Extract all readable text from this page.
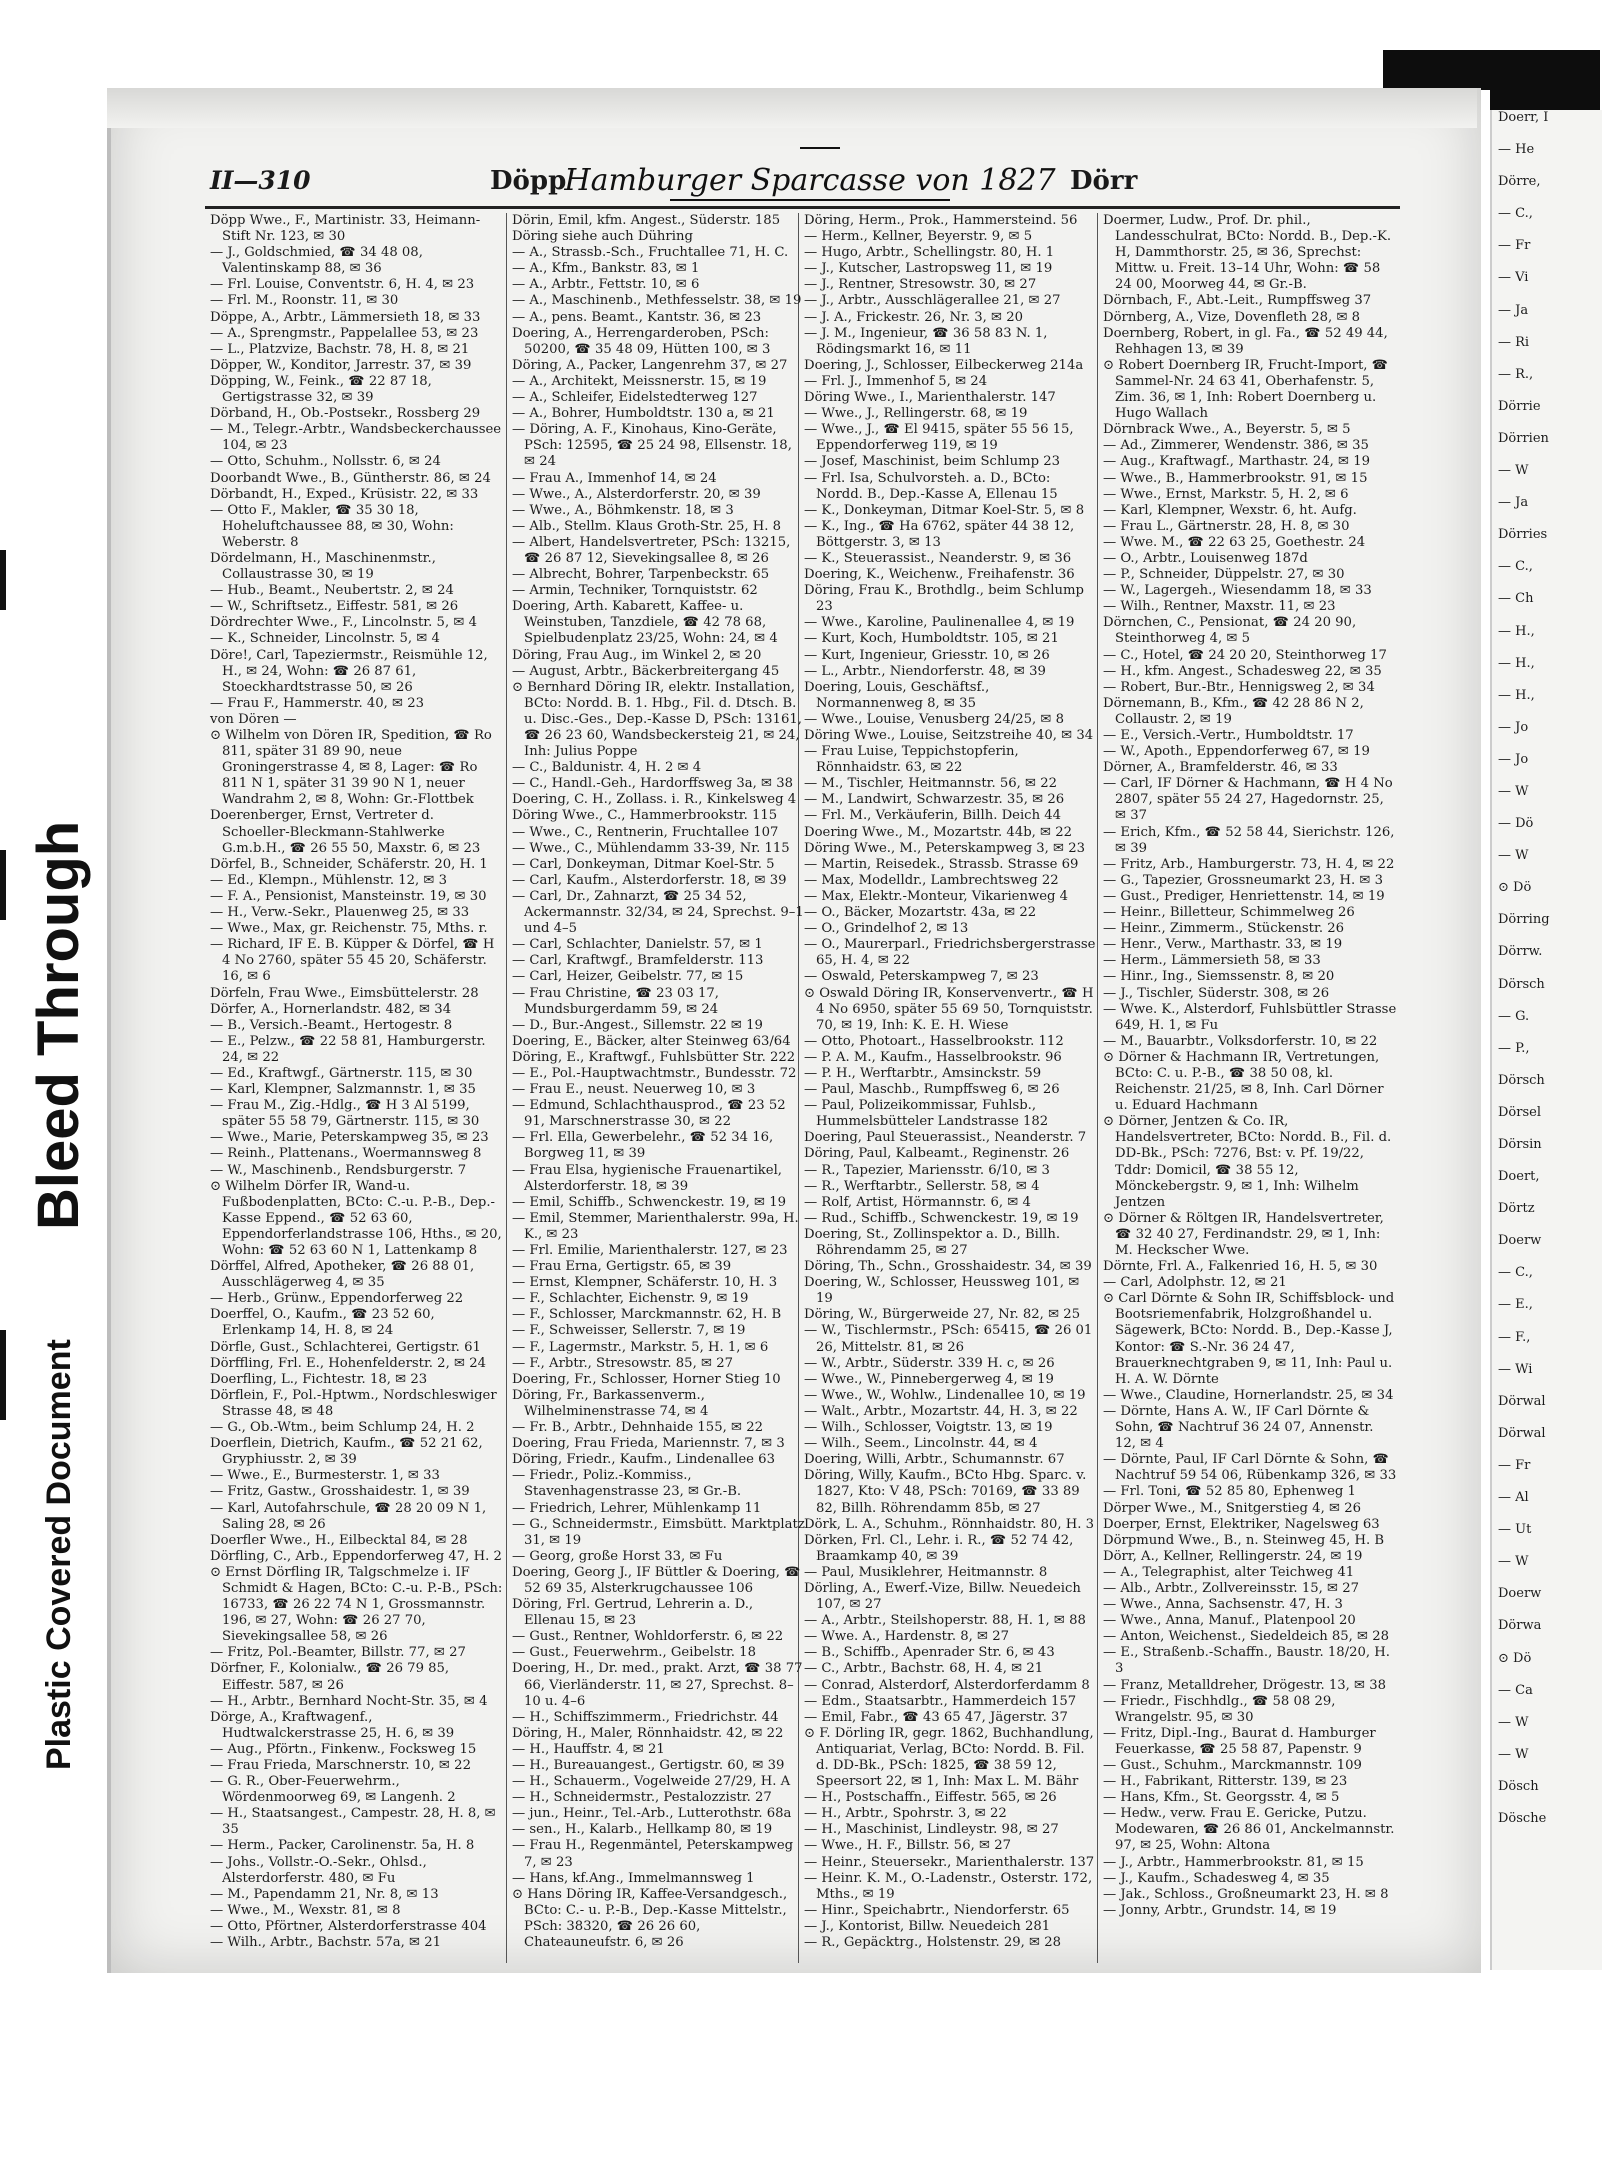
Bleed Through
Plastic Covered Document
II—310	Döpp
Hamburger Sparcasse von 1827 Dörr

Döpp Wwe., F., Martinistr. 33, Heimann-Stift Nr. 123, ✉ 30

— J., Goldschmied, ☎ 34 48 08, Valentinskamp 88, ✉ 36

— Frl. Louise, Conventstr. 6, H. 4, ✉ 23

— Frl. M., Roonstr. 11, ✉ 30

Döppe, A., Arbtr., Lämmersieth 18, ✉ 33

— A., Sprengmstr., Pappelallee 53, ✉ 23

— L., Platzvize, Bachstr. 78, H. 8, ✉ 21

Döpper, W., Konditor, Jarrestr. 37, ✉ 39

Döpping, W., Feink., ☎ 22 87 18, Gertigstrasse 32, ✉ 39

Dörband, H., Ob.-Postsekr., Rossberg 29

— M., Telegr.-Arbtr., Wandsbeckerchaussee 104, ✉ 23

— Otto, Schuhm., Nollsstr. 6, ✉ 24

Doorbandt Wwe., B., Güntherstr. 86, ✉ 24

Dörbandt, H., Exped., Krüsistr. 22, ✉ 33

— Otto F., Makler, ☎ 35 30 18, Hoheluftchaussee 88, ✉ 30, Wohn: Weberstr. 8

Dördelmann, H., Maschinenmstr., Collaustrasse 30, ✉ 19

— Hub., Beamt., Neubertstr. 2, ✉ 24

— W., Schriftsetz., Eiffestr. 581, ✉ 26

Dördrechter Wwe., F., Lincolnstr. 5, ✉ 4

— K., Schneider, Lincolnstr. 5, ✉ 4

Döre!, Carl, Tapeziermstr., Reismühle 12, H., ✉ 24, Wohn: ☎ 26 87 61, Stoeckhardtstrasse 50, ✉ 26

— Frau F., Hammerstr. 40, ✉ 23

von Dören —

⊙ Wilhelm von Dören IR, Spedition, ☎ Ro 811, später 31 89 90, neue Groningerstrasse 4, ✉ 8, Lager: ☎ Ro 811 N 1, später 31 39 90 N 1, neuer Wandrahm 2, ✉ 8, Wohn: Gr.-Flottbek

Doerenberger, Ernst, Vertreter d. Schoeller-Bleckmann-Stahlwerke G.m.b.H., ☎ 26 55 50, Maxstr. 6, ✉ 23

Dörfel, B., Schneider, Schäferstr. 20, H. 1

— Ed., Klempn., Mühlenstr. 12, ✉ 3

— F. A., Pensionist, Mansteinstr. 19, ✉ 30

— H., Verw.-Sekr., Plauenweg 25, ✉ 33

— Wwe., Max, gr. Reichenstr. 75, Mths. r.

— Richard, IF E. B. Küpper & Dörfel, ☎ H 4 No 2760, später 55 45 20, Schäferstr. 16, ✉ 6

Dörfeln, Frau Wwe., Eimsbüttelerstr. 28

Dörfer, A., Hornerlandstr. 482, ✉ 34

— B., Versich.-Beamt., Hertogestr. 8

— E., Pelzw., ☎ 22 58 81, Hamburgerstr. 24, ✉ 22

— Ed., Kraftwgf., Gärtnerstr. 115, ✉ 30

— Karl, Klempner, Salzmannstr. 1, ✉ 35

— Frau M., Zig.-Hdlg., ☎ H 3 Al 5199, später 55 58 79, Gärtnerstr. 115, ✉ 30

— Wwe., Marie, Peterskampweg 35, ✉ 23

— Reinh., Plattenans., Woermannsweg 8

— W., Maschinenb., Rendsburgerstr. 7

⊙ Wilhelm Dörfer IR, Wand-u. Fußbodenplatten, BCto: C.-u. P.-B., Dep.-Kasse Eppend., ☎ 52 63 60, Eppendorferlandstrasse 106, Hths., ✉ 20, Wohn: ☎ 52 63 60 N 1, Lattenkamp 8

Dörffel, Alfred, Apotheker, ☎ 26 88 01, Ausschlägerweg 4, ✉ 35

— Herb., Grünw., Eppendorferweg 22

Doerffel, O., Kaufm., ☎ 23 52 60, Erlenkamp 14, H. 8, ✉ 24

Dörfle, Gust., Schlachterei, Gertigstr. 61

Dörffling, Frl. E., Hohenfelderstr. 2, ✉ 24

Doerfling, L., Fichtestr. 18, ✉ 23

Dörflein, F., Pol.-Hptwm., Nordschleswiger Strasse 48, ✉ 48

— G., Ob.-Wtm., beim Schlump 24, H. 2

Doerflein, Dietrich, Kaufm., ☎ 52 21 62, Gryphiusstr. 2, ✉ 39

— Wwe., E., Burmesterstr. 1, ✉ 33

— Fritz, Gastw., Grosshaidestr. 1, ✉ 39

— Karl, Autofahrschule, ☎ 28 20 09 N 1, Saling 28, ✉ 26

Doerfler Wwe., H., Eilbecktal 84, ✉ 28

Dörfling, C., Arb., Eppendorferweg 47, H. 2

⊙ Ernst Dörfling IR, Talgschmelze i. IF Schmidt & Hagen, BCto: C.-u. P.-B., PSch: 16733, ☎ 26 22 74 N 1, Grossmannstr. 196, ✉ 27, Wohn: ☎ 26 27 70, Sievekingsallee 58, ✉ 26

— Fritz, Pol.-Beamter, Billstr. 77, ✉ 27

Dörfner, F., Kolonialw., ☎ 26 79 85, Eiffestr. 587, ✉ 26

— H., Arbtr., Bernhard Nocht-Str. 35, ✉ 4

Dörge, A., Kraftwagenf., Hudtwalckerstrasse 25, H. 6, ✉ 39

— Aug., Pförtn., Finkenw., Focksweg 15

— Frau Frieda, Marschnerstr. 10, ✉ 22

— G. R., Ober-Feuerwehrm., Wördenmoorweg 69, ✉ Langenh. 2

— H., Staatsangest., Campestr. 28, H. 8, ✉ 35

— Herm., Packer, Carolinenstr. 5a, H. 8

— Johs., Vollstr.-O.-Sekr., Ohlsd., Alsterdorferstr. 480, ✉ Fu

— M., Papendamm 21, Nr. 8, ✉ 13

— Wwe., M., Wexstr. 81, ✉ 8

— Otto, Pförtner, Alsterdorferstrasse 404

— Wilh., Arbtr., Bachstr. 57a, ✉ 21

Dörin, Emil, kfm. Angest., Süderstr. 185

Döring siehe auch Dühring

— A., Strassb.-Sch., Fruchtallee 71, H. C.

— A., Kfm., Bankstr. 83, ✉ 1

— A., Arbtr., Fettstr. 10, ✉ 6

— A., Maschinenb., Methfesselstr. 38, ✉ 19

— A., pens. Beamt., Kantstr. 36, ✉ 23

Doering, A., Herrengarderoben, PSch: 50200, ☎ 35 48 09, Hütten 100, ✉ 3

Döring, A., Packer, Langenrehm 37, ✉ 27

— A., Architekt, Meissnerstr. 15, ✉ 19

— A., Schleifer, Eidelstedterweg 127

— A., Bohrer, Humboldtstr. 130 a, ✉ 21

— Döring, A. F., Kinohaus, Kino-Geräte, PSch: 12595, ☎ 25 24 98, Ellsenstr. 18, ✉ 24

— Frau A., Immenhof 14, ✉ 24

— Wwe., A., Alsterdorferstr. 20, ✉ 39

— Wwe., A., Böhmkenstr. 18, ✉ 3

— Alb., Stellm. Klaus Groth-Str. 25, H. 8

— Albert, Handelsvertreter, PSch: 13215, ☎ 26 87 12, Sievekingsallee 8, ✉ 26

— Albrecht, Bohrer, Tarpenbeckstr. 65

— Armin, Techniker, Tornquiststr. 62

Doering, Arth. Kabarett, Kaffee- u. Weinstuben, Tanzdiele, ☎ 42 78 68, Spielbudenplatz 23/25, Wohn: 24, ✉ 4

Döring, Frau Aug., im Winkel 2, ✉ 20

— August, Arbtr., Bäckerbreitergang 45

⊙ Bernhard Döring IR, elektr. Installation, BCto: Nordd. B. 1. Hbg., Fil. d. Dtsch. B. u. Disc.-Ges., Dep.-Kasse D, PSch: 13161, ☎ 26 23 60, Wandsbeckersteig 21, ✉ 24, Inh: Julius Poppe

— C., Baldunistr. 4, H. 2 ✉ 4

— C., Handl.-Geh., Hardorffsweg 3a, ✉ 38

Doering, C. H., Zollass. i. R., Kinkelsweg 4

Döring Wwe., C., Hammerbrookstr. 115

— Wwe., C., Rentnerin, Fruchtallee 107

— Wwe., C., Mühlendamm 33-39, Nr. 115

— Carl, Donkeyman, Ditmar Koel-Str. 5

— Carl, Kaufm., Alsterdorferstr. 18, ✉ 39

— Carl, Dr., Zahnarzt, ☎ 25 34 52, Ackermannstr. 32/34, ✉ 24, Sprechst. 9–1 und 4–5

— Carl, Schlachter, Danielstr. 57, ✉ 1

— Carl, Kraftwgf., Bramfelderstr. 113

— Carl, Heizer, Geibelstr. 77, ✉ 15

— Frau Christine, ☎ 23 03 17, Mundsburgerdamm 59, ✉ 24

— D., Bur.-Angest., Sillemstr. 22 ✉ 19

Doering, E., Bäcker, alter Steinweg 63/64

Döring, E., Kraftwgf., Fuhlsbütter Str. 222

— E., Pol.-Hauptwachtmstr., Bundesstr. 72

— Frau E., neust. Neuerweg 10, ✉ 3

— Edmund, Schlachthausprod., ☎ 23 52 91, Marschnerstrasse 30, ✉ 22

— Frl. Ella, Gewerbelehr., ☎ 52 34 16, Borgweg 11, ✉ 39

— Frau Elsa, hygienische Frauenartikel, Alsterdorferstr. 18, ✉ 39

— Emil, Schiffb., Schwenckestr. 19, ✉ 19

— Emil, Stemmer, Marienthalerstr. 99a, H. K., ✉ 23

— Frl. Emilie, Marienthalerstr. 127, ✉ 23

— Frau Erna, Gertigstr. 65, ✉ 39

— Ernst, Klempner, Schäferstr. 10, H. 3

— F., Schlachter, Eichenstr. 9, ✉ 19

— F., Schlosser, Marckmannstr. 62, H. B

— F., Schweisser, Sellerstr. 7, ✉ 19

— F., Lagermstr., Markstr. 5, H. 1, ✉ 6

— F., Arbtr., Stresowstr. 85, ✉ 27

Doering, Fr., Schlosser, Horner Stieg 10

Döring, Fr., Barkassenverm., Wilhelminenstrasse 74, ✉ 4

— Fr. B., Arbtr., Dehnhaide 155, ✉ 22

Doering, Frau Frieda, Mariennstr. 7, ✉ 3

Döring, Friedr., Kaufm., Lindenallee 63

— Friedr., Poliz.-Kommiss., Stavenhagenstrasse 23, ✉ Gr.-B.

— Friedrich, Lehrer, Mühlenkamp 11

— G., Schneidermstr., Eimsbütt. Marktplatz 31, ✉ 19

— Georg, große Horst 33, ✉ Fu

Doering, Georg J., IF Büttler & Doering, ☎ 52 69 35, Alsterkrugchaussee 106

Döring, Frl. Gertrud, Lehrerin a. D., Ellenau 15, ✉ 23

— Gust., Rentner, Wohldorferstr. 6, ✉ 22

— Gust., Feuerwehrm., Geibelstr. 18

Doering, H., Dr. med., prakt. Arzt, ☎ 38 77 66, Vierländerstr. 11, ✉ 27, Sprechst. 8–10 u. 4–6

— H., Schiffszimmerm., Friedrichstr. 44

Döring, H., Maler, Rönnhaidstr. 42, ✉ 22

— H., Hauffstr. 4, ✉ 21

— H., Bureauangest., Gertigstr. 60, ✉ 39

— H., Schauerm., Vogelweide 27/29, H. A

— H., Schneidermstr., Pestalozzistr. 27

— jun., Heinr., Tel.-Arb., Lutterothstr. 68a

— sen., H., Kalarb., Hellkamp 80, ✉ 19

— Frau H., Regenmäntel, Peterskampweg 7, ✉ 23

— Hans, kf.Ang., Immelmannsweg 1

⊙ Hans Döring IR, Kaffee-Versandgesch., BCto: C.- u. P.-B., Dep.-Kasse Mittelstr., PSch: 38320, ☎ 26 26 60, Chateauneufstr. 6, ✉ 26

Döring, Herm., Prok., Hammersteind. 56

— Herm., Kellner, Beyerstr. 9, ✉ 5

— Hugo, Arbtr., Schellingstr. 80, H. 1

— J., Kutscher, Lastropsweg 11, ✉ 19

— J., Rentner, Stresowstr. 30, ✉ 27

— J., Arbtr., Ausschlägerallee 21, ✉ 27

— J. A., Frickestr. 26, Nr. 3, ✉ 20

— J. M., Ingenieur, ☎ 36 58 83 N. 1, Rödingsmarkt 16, ✉ 11

Doering, J., Schlosser, Eilbeckerweg 214a

— Frl. J., Immenhof 5, ✉ 24

Döring Wwe., I., Marienthalerstr. 147

— Wwe., J., Rellingerstr. 68, ✉ 19

— Wwe., J., ☎ El 9415, später 55 56 15, Eppendorferweg 119, ✉ 19

— Josef, Maschinist, beim Schlump 23

— Frl. Isa, Schulvorsteh. a. D., BCto: Nordd. B., Dep.-Kasse A, Ellenau 15

— K., Donkeyman, Ditmar Koel-Str. 5, ✉ 8

— K., Ing., ☎ Ha 6762, später 44 38 12, Böttgerstr. 3, ✉ 13

— K., Steuerassist., Neanderstr. 9, ✉ 36

Doering, K., Weichenw., Freihafenstr. 36

Döring, Frau K., Brothdlg., beim Schlump 23

— Wwe., Karoline, Paulinenallee 4, ✉ 19

— Kurt, Koch, Humboldtstr. 105, ✉ 21

— Kurt, Ingenieur, Griesstr. 10, ✉ 26

— L., Arbtr., Niendorferstr. 48, ✉ 39

Doering, Louis, Geschäftsf., Normannenweg 8, ✉ 35

— Wwe., Louise, Venusberg 24/25, ✉ 8

Döring Wwe., Louise, Seitzstreihe 40, ✉ 34

— Frau Luise, Teppichstopferin, Rönnhaidstr. 63, ✉ 22

— M., Tischler, Heitmannstr. 56, ✉ 22

— M., Landwirt, Schwarzestr. 35, ✉ 26

— Frl. M., Verkäuferin, Billh. Deich 44

Doering Wwe., M., Mozartstr. 44b, ✉ 22

Döring Wwe., M., Peterskampweg 3, ✉ 23

— Martin, Reisedek., Strassb. Strasse 69

— Max, Modelldr., Lambrechtsweg 22

— Max, Elektr.-Monteur, Vikarienweg 4

— O., Bäcker, Mozartstr. 43a, ✉ 22

— O., Grindelhof 2, ✉ 13

— O., Maurerparl., Friedrichsbergerstrasse 65, H. 4, ✉ 22

— Oswald, Peterskampweg 7, ✉ 23

⊙ Oswald Döring IR, Konservenvertr., ☎ H 4 No 6950, später 55 69 50, Tornquiststr. 70, ✉ 19, Inh: K. E. H. Wiese

— Otto, Photoart., Hasselbrookstr. 112

— P. A. M., Kaufm., Hasselbrookstr. 96

— P. H., Werftarbtr., Amsinckstr. 59

— Paul, Maschb., Rumpffsweg 6, ✉ 26

— Paul, Polizeikommissar, Fuhlsb., Hummelsbütteler Landstrasse 182

Doering, Paul Steuerassist., Neanderstr. 7

Döring, Paul, Kalbeamt., Reginenstr. 26

— R., Tapezier, Mariensstr. 6/10, ✉ 3

— R., Werftarbtr., Sellerstr. 58, ✉ 4

— Rolf, Artist, Hörmannstr. 6, ✉ 4

— Rud., Schiffb., Schwenckestr. 19, ✉ 19

Doering, St., Zollinspektor a. D., Billh. Röhrendamm 25, ✉ 27

Döring, Th., Schn., Grosshaidestr. 34, ✉ 39

Doering, W., Schlosser, Heussweg 101, ✉ 19

Döring, W., Bürgerweide 27, Nr. 82, ✉ 25

— W., Tischlermstr., PSch: 65415, ☎ 26 01 26, Mittelstr. 81, ✉ 26

— W., Arbtr., Süderstr. 339 H. c, ✉ 26

— Wwe., W., Pinnebergerweg 4, ✉ 19

— Wwe., W., Wohlw., Lindenallee 10, ✉ 19

— Walt., Arbtr., Mozartstr. 44, H. 3, ✉ 22

— Wilh., Schlosser, Voigtstr. 13, ✉ 19

— Wilh., Seem., Lincolnstr. 44, ✉ 4

Doering, Willi, Arbtr., Schumannstr. 67

Döring, Willy, Kaufm., BCto Hbg. Sparc. v. 1827, Kto: V 48, PSch: 70169, ☎ 33 89 82, Billh. Röhrendamm 85b, ✉ 27

Dörk, L. A., Schuhm., Rönnhaidstr. 80, H. 3

Dörken, Frl. Cl., Lehr. i. R., ☎ 52 74 42, Braamkamp 40, ✉ 39

— Paul, Musiklehrer, Heitmannstr. 8

Dörling, A., Ewerf.-Vize, Billw. Neuedeich 107, ✉ 27

— A., Arbtr., Steilshoperstr. 88, H. 1, ✉ 88

— Wwe. A., Hardenstr. 8, ✉ 27

— B., Schiffb., Apenrader Str. 6, ✉ 43

— C., Arbtr., Bachstr. 68, H. 4, ✉ 21

— Conrad, Alsterdorf, Alsterdorferdamm 8

— Edm., Staatsarbtr., Hammerdeich 157

— Emil, Fabr., ☎ 43 65 47, Jägerstr. 37

⊙ F. Dörling IR, gegr. 1862, Buchhandlung, Antiquariat, Verlag, BCto: Nordd. B. Fil. d. DD-Bk., PSch: 1825, ☎ 38 59 12, Speersort 22, ✉ 1, Inh: Max L. M. Bähr

— H., Postschaffn., Eiffestr. 565, ✉ 26

— H., Arbtr., Spohrstr. 3, ✉ 22

— H., Maschinist, Lindleystr. 98, ✉ 27

— Wwe., H. F., Billstr. 56, ✉ 27

— Heinr., Steuersekr., Marienthalerstr. 137

— Heinr. K. M., O.-Ladenstr., Osterstr. 172, Mths., ✉ 19

— Hinr., Speichabrtr., Niendorferstr. 65

— J., Kontorist, Billw. Neuedeich 281

— R., Gepäcktrg., Holstenstr. 29, ✉ 28

Doermer, Ludw., Prof. Dr. phil., Landesschulrat, BCto: Nordd. B., Dep.-K. H, Dammthorstr. 25, ✉ 36, Sprechst: Mittw. u. Freit. 13–14 Uhr, Wohn: ☎ 58 24 00, Moorweg 44, ✉ Gr.-B.

Dörnbach, F., Abt.-Leit., Rumpffsweg 37

Dörnberg, A., Vize, Dovenfleth 28, ✉ 8

Doernberg, Robert, in gl. Fa., ☎ 52 49 44, Rehhagen 13, ✉ 39

⊙ Robert Doernberg IR, Frucht-Import, ☎ Sammel-Nr. 24 63 41, Oberhafenstr. 5, Zim. 36, ✉ 1, Inh: Robert Doernberg u. Hugo Wallach

Dörnbrack Wwe., A., Beyerstr. 5, ✉ 5

— Ad., Zimmerer, Wendenstr. 386, ✉ 35

— Aug., Kraftwagf., Marthastr. 24, ✉ 19

— Wwe., B., Hammerbrookstr. 91, ✉ 15

— Wwe., Ernst, Markstr. 5, H. 2, ✉ 6

— Karl, Klempner, Wexstr. 6, ht. Aufg.

— Frau L., Gärtnerstr. 28, H. 8, ✉ 30

— Wwe. M., ☎ 22 63 25, Goethestr. 24

— O., Arbtr., Louisenweg 187d

— P., Schneider, Düppelstr. 27, ✉ 30

— W., Lagergeh., Wiesendamm 18, ✉ 33

— Wilh., Rentner, Maxstr. 11, ✉ 23

Dörnchen, C., Pensionat, ☎ 24 20 90, Steinthorweg 4, ✉ 5

— C., Hotel, ☎ 24 20 20, Steinthorweg 17

— H., kfm. Angest., Schadesweg 22, ✉ 35

— Robert, Bur.-Btr., Hennigsweg 2, ✉ 34

Dörnemann, B., Kfm., ☎ 42 28 86 N 2, Collaustr. 2, ✉ 19

— E., Versich.-Vertr., Humboldtstr. 17

— W., Apoth., Eppendorferweg 67, ✉ 19

Dörner, A., Bramfelderstr. 46, ✉ 33

— Carl, IF Dörner & Hachmann, ☎ H 4 No 2807, später 55 24 27, Hagedornstr. 25, ✉ 37

— Erich, Kfm., ☎ 52 58 44, Sierichstr. 126, ✉ 39

— Fritz, Arb., Hamburgerstr. 73, H. 4, ✉ 22

— G., Tapezier, Grossneumarkt 23, H. ✉ 3

— Gust., Prediger, Henriettenstr. 14, ✉ 19

— Heinr., Billetteur, Schimmelweg 26

— Heinr., Zimmerm., Stückenstr. 26

— Henr., Verw., Marthastr. 33, ✉ 19

— Herm., Lämmersieth 58, ✉ 33

— Hinr., Ing., Siemssenstr. 8, ✉ 20

— J., Tischler, Süderstr. 308, ✉ 26

— Wwe. K., Alsterdorf, Fuhlsbüttler Strasse 649, H. 1, ✉ Fu

— M., Bauarbtr., Volksdorferstr. 10, ✉ 22

⊙ Dörner & Hachmann IR, Vertretungen, BCto: C. u. P.-B., ☎ 38 50 08, kl. Reichenstr. 21/25, ✉ 8, Inh. Carl Dörner u. Eduard Hachmann

⊙ Dörner, Jentzen & Co. IR, Handelsvertreter, BCto: Nordd. B., Fil. d. DD-Bk., PSch: 7276, Bst: v. Pf. 19/22, Tddr: Domicil, ☎ 38 55 12, Mönckebergstr. 9, ✉ 1, Inh: Wilhelm Jentzen

⊙ Dörner & Röltgen IR, Handelsvertreter, ☎ 32 40 27, Ferdinandstr. 29, ✉ 1, Inh: M. Heckscher Wwe.

Dörnte, Frl. A., Falkenried 16, H. 5, ✉ 30

— Carl, Adolphstr. 12, ✉ 21

⊙ Carl Dörnte & Sohn IR, Schiffsblock- und Bootsriemenfabrik, Holzgroßhandel u. Sägewerk, BCto: Nordd. B., Dep.-Kasse J, Kontor: ☎ S.-Nr. 36 24 47, Brauerknechtgraben 9, ✉ 11, Inh: Paul u. H. A. W. Dörnte

— Wwe., Claudine, Hornerlandstr. 25, ✉ 34

— Dörnte, Hans A. W., IF Carl Dörnte & Sohn, ☎ Nachtruf 36 24 07, Annenstr. 12, ✉ 4

— Dörnte, Paul, IF Carl Dörnte & Sohn, ☎ Nachtruf 59 54 06, Rübenkamp 326, ✉ 33

— Frl. Toni, ☎ 52 85 80, Ephenweg 1

Dörper Wwe., M., Snitgerstieg 4, ✉ 26

Doerper, Ernst, Elektriker, Nagelsweg 63

Dörpmund Wwe., B., n. Steinweg 45, H. B

Dörr, A., Kellner, Rellingerstr. 24, ✉ 19

— A., Telegraphist, alter Teichweg 41

— Alb., Arbtr., Zollvereinsstr. 15, ✉ 27

— Wwe., Anna, Sachsenstr. 47, H. 3

— Wwe., Anna, Manuf., Platenpool 20

— Anton, Weichenst., Siedeldeich 85, ✉ 28

— E., Straßenb.-Schaffn., Baustr. 18/20, H. 3

— Franz, Metalldreher, Drögestr. 13, ✉ 38

— Friedr., Fischhdlg., ☎ 58 08 29, Wrangelstr. 95, ✉ 30

— Fritz, Dipl.-Ing., Baurat d. Hamburger Feuerkasse, ☎ 25 58 87, Papenstr. 9

— Gust., Schuhm., Marckmannstr. 109

— H., Fabrikant, Ritterstr. 139, ✉ 23

— Hans, Kfm., St. Georgsstr. 4, ✉ 5

— Hedw., verw. Frau E. Gericke, Putzu. Modewaren, ☎ 26 86 01, Anckelmannstr. 97, ✉ 25, Wohn: Altona

— J., Arbtr., Hammerbrookstr. 81, ✉ 15

— J., Kaufm., Schadesweg 4, ✉ 35

— Jak., Schloss., Großneumarkt 23, H. ✉ 8

— Jonny, Arbtr., Grundstr. 14, ✉ 19

Doerr, I
— He
Dörre,
— C.,
— Fr
— Vi
— Ja
— Ri
— R.,
Dörrie
Dörrien
— W
— Ja
Dörries
— C.,
— Ch
— H.,
— H.,
— H.,
— Jo
— Jo
— W
— Dö
— W
⊙ Dö
Dörring
Dörrw.
Dörsch
— G.
— P.,
Dörsch
Dörsel
Dörsin
Doert,
Dörtz
Doerw
— C.,
— E.,
— F.,
— Wi
Dörwal
Dörwal
— Fr
— Al
— Ut
— W
Doerw
Dörwa
⊙ Dö
— Ca
— W
— W
Dösch
Dösche
